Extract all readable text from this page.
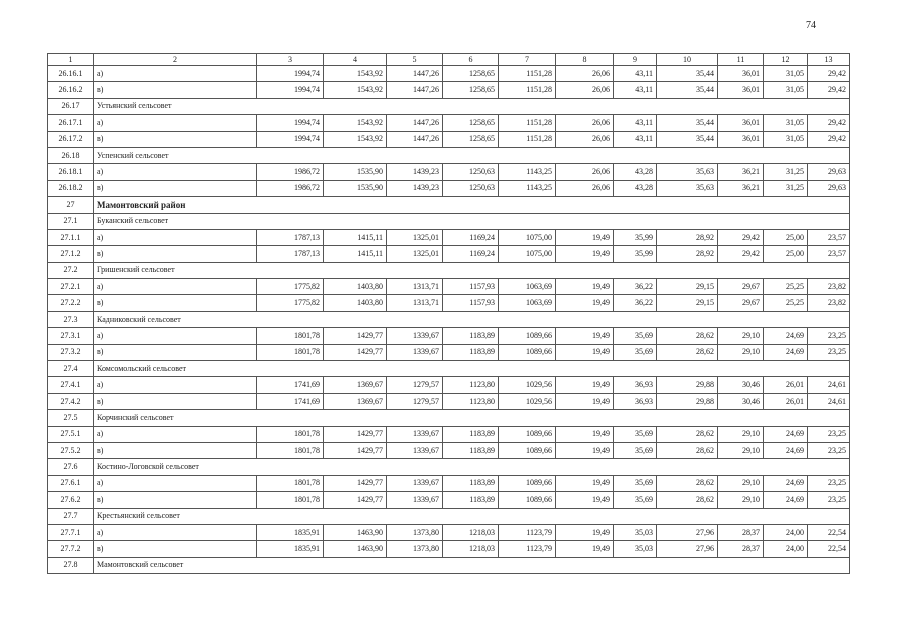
74
1	2	3	4	5	6	7	8	9	10	11	12	13
26.16.1	а)	1994,74	1543,92	1447,26	1258,65	1151,28	26,06	43,11	35,44	36,01	31,05	29,42
26.16.2	в)	1994,74	1543,92	1447,26	1258,65	1151,28	26,06	43,11	35,44	36,01	31,05	29,42
26.17	Устьянский сельсовет											
26.17.1	а)	1994,74	1543,92	1447,26	1258,65	1151,28	26,06	43,11	35,44	36,01	31,05	29,42
26.17.2	в)	1994,74	1543,92	1447,26	1258,65	1151,28	26,06	43,11	35,44	36,01	31,05	29,42
26.18	Успенский сельсовет											
26.18.1	а)	1986,72	1535,90	1439,23	1250,63	1143,25	26,06	43,28	35,63	36,21	31,25	29,63
26.18.2	в)	1986,72	1535,90	1439,23	1250,63	1143,25	26,06	43,28	35,63	36,21	31,25	29,63
27	Мамонтовский район											
27.1	Буканский сельсовет											
27.1.1	а)	1787,13	1415,11	1325,01	1169,24	1075,00	19,49	35,99	28,92	29,42	25,00	23,57
27.1.2	в)	1787,13	1415,11	1325,01	1169,24	1075,00	19,49	35,99	28,92	29,42	25,00	23,57
27.2	Гришенский сельсовет											
27.2.1	а)	1775,82	1403,80	1313,71	1157,93	1063,69	19,49	36,22	29,15	29,67	25,25	23,82
27.2.2	в)	1775,82	1403,80	1313,71	1157,93	1063,69	19,49	36,22	29,15	29,67	25,25	23,82
27.3	Кадниковский сельсовет											
27.3.1	а)	1801,78	1429,77	1339,67	1183,89	1089,66	19,49	35,69	28,62	29,10	24,69	23,25
27.3.2	в)	1801,78	1429,77	1339,67	1183,89	1089,66	19,49	35,69	28,62	29,10	24,69	23,25
27.4	Комсомольский сельсовет											
27.4.1	а)	1741,69	1369,67	1279,57	1123,80	1029,56	19,49	36,93	29,88	30,46	26,01	24,61
27.4.2	в)	1741,69	1369,67	1279,57	1123,80	1029,56	19,49	36,93	29,88	30,46	26,01	24,61
27.5	Корчинский сельсовет											
27.5.1	а)	1801,78	1429,77	1339,67	1183,89	1089,66	19,49	35,69	28,62	29,10	24,69	23,25
27.5.2	в)	1801,78	1429,77	1339,67	1183,89	1089,66	19,49	35,69	28,62	29,10	24,69	23,25
27.6	Костино-Логовской сельсовет											
27.6.1	а)	1801,78	1429,77	1339,67	1183,89	1089,66	19,49	35,69	28,62	29,10	24,69	23,25
27.6.2	в)	1801,78	1429,77	1339,67	1183,89	1089,66	19,49	35,69	28,62	29,10	24,69	23,25
27.7	Крестьянский сельсовет											
27.7.1	а)	1835,91	1463,90	1373,80	1218,03	1123,79	19,49	35,03	27,96	28,37	24,00	22,54
27.7.2	в)	1835,91	1463,90	1373,80	1218,03	1123,79	19,49	35,03	27,96	28,37	24,00	22,54
27.8	Мамонтовский сельсовет											
